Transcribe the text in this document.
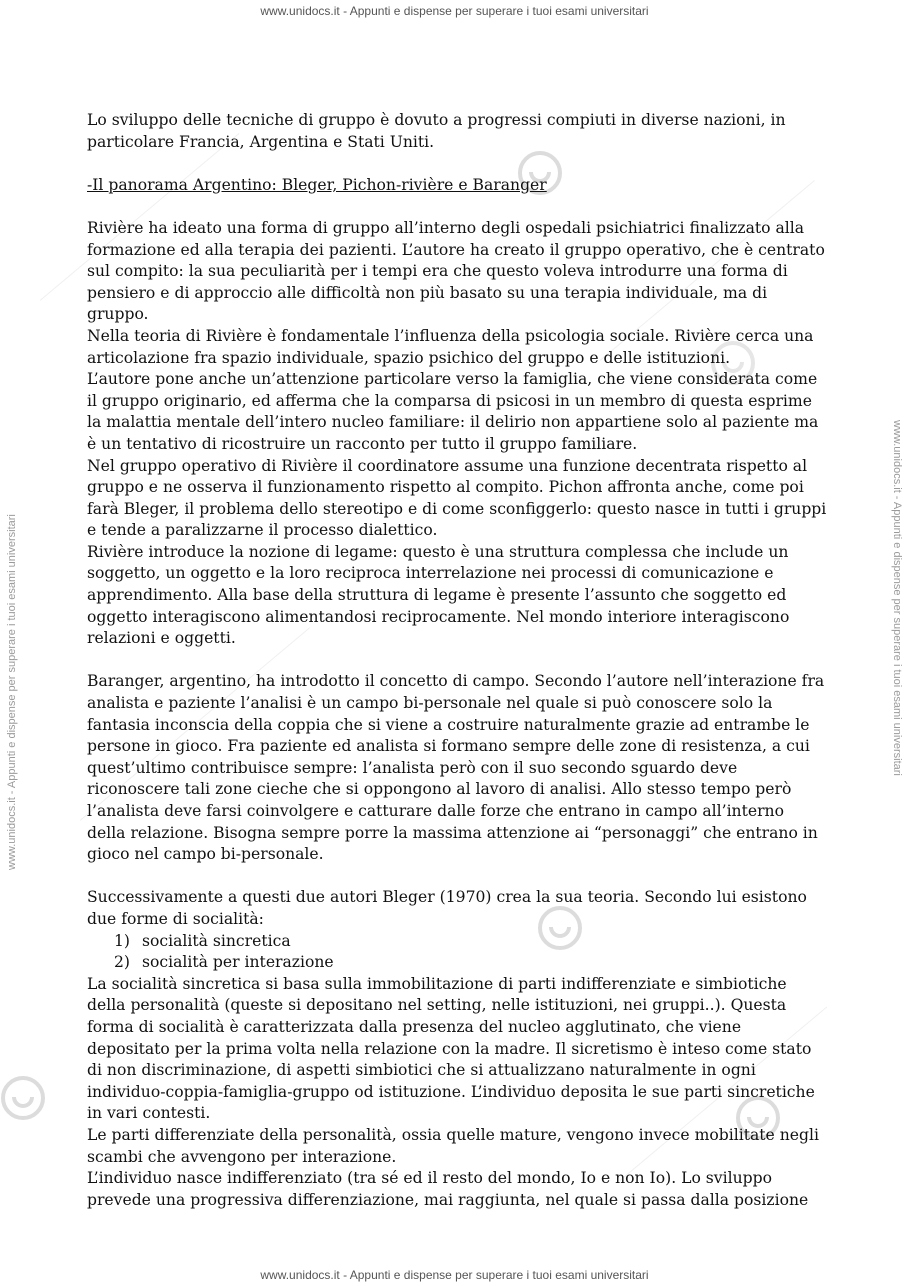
www.unidocs.it - Appunti e dispense per superare i tuoi esami universitari
www.unidocs.it - Appunti e dispense per superare i tuoi esami universitari
www.unidocs.it - Appunti e dispense per superare i tuoi esami universitari	www.unidocs.it - Appunti e dispense per superare i tuoi esami universitari

Lo sviluppo delle tecniche di gruppo è dovuto a progressi compiuti in diverse nazioni, in particolare Francia, Argentina e Stati Uniti.

-Il panorama Argentino: Bleger, Pichon-rivière e Baranger

Rivière ha ideato una forma di gruppo all’interno degli ospedali psichiatrici finalizzato alla formazione ed alla terapia dei pazienti. L’autore ha creato il gruppo operativo, che è centrato sul compito: la sua peculiarità per i tempi era che questo voleva introdurre una forma di pensiero e di approccio alle difficoltà non più basato su una terapia individuale, ma di gruppo.

Nella teoria di Rivière è fondamentale l’influenza della psicologia sociale. Rivière cerca una articolazione fra spazio individuale, spazio psichico del gruppo e delle istituzioni.

L’autore pone anche un’attenzione particolare verso la famiglia, che viene considerata come il gruppo originario, ed afferma che la comparsa di psicosi in un membro di questa esprime la malattia mentale dell’intero nucleo familiare: il delirio non appartiene solo al paziente ma è un tentativo di ricostruire un racconto per tutto il gruppo familiare.

Nel gruppo operativo di Rivière il coordinatore assume una funzione decentrata rispetto al gruppo e ne osserva il funzionamento rispetto al compito. Pichon affronta anche, come poi farà Bleger, il problema dello stereotipo e di come sconfiggerlo: questo nasce in tutti i gruppi e tende a paralizzarne il processo dialettico.

Rivière introduce la nozione di legame: questo è una struttura complessa che include un soggetto, un oggetto e la loro reciproca interrelazione nei processi di comunicazione e apprendimento. Alla base della struttura di legame è presente l’assunto che soggetto ed oggetto interagiscono alimentandosi reciprocamente. Nel mondo interiore interagiscono relazioni e oggetti.

Baranger, argentino, ha introdotto il concetto di campo. Secondo l’autore nell’interazione fra analista e paziente l’analisi è un campo bi-personale nel quale si può conoscere solo la fantasia inconscia della coppia che si viene a costruire naturalmente grazie ad entrambe le persone in gioco. Fra paziente ed analista si formano sempre delle zone di resistenza, a cui quest’ultimo contribuisce sempre: l’analista però con il suo secondo sguardo deve riconoscere tali zone cieche che si oppongono al lavoro di analisi. Allo stesso tempo però l’analista deve farsi coinvolgere e catturare dalle forze che entrano in campo all’interno della relazione. Bisogna sempre porre la massima attenzione ai “personaggi” che entrano in gioco nel campo bi-personale.

Successivamente a questi due autori Bleger (1970) crea la sua teoria. Secondo lui esistono due forme di socialità:

1) socialità sincretica
2) socialità per interazione

La socialità sincretica si basa sulla immobilitazione di parti indifferenziate e simbiotiche della personalità (queste si depositano nel setting, nelle istituzioni, nei gruppi..). Questa forma di socialità è caratterizzata dalla presenza del nucleo agglutinato, che viene depositato per la prima volta nella relazione con la madre. Il sicretismo è inteso come stato di non discriminazione, di aspetti simbiotici che si attualizzano naturalmente in ogni individuo-coppia-famiglia-gruppo od istituzione. L’individuo deposita le sue parti sincretiche in vari contesti.

Le parti differenziate della personalità, ossia quelle mature, vengono invece mobilitate negli scambi che avvengono per interazione.

L’individuo nasce indifferenziato (tra sé ed il resto del mondo, Io e non Io). Lo sviluppo prevede una progressiva differenziazione, mai raggiunta, nel quale si passa dalla posizione
